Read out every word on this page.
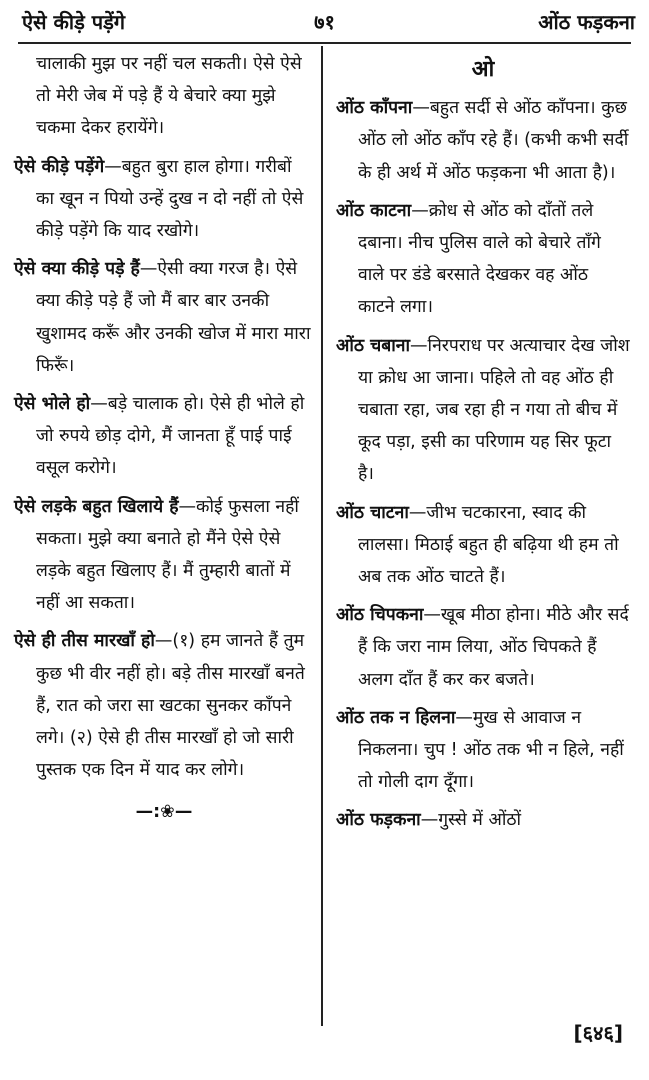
ऐसे कीड़े पड़ेंगे	७१	ओंठ फड़कना
चालाकी मुझ पर नहीं चल सकती। ऐसे ऐसे तो मेरी जेब में पड़े हैं ये बेचारे क्या मुझे चकमा देकर हरायेंगे।
ऐसे कीड़े पड़ेंगे—बहुत बुरा हाल होगा। गरीबों का खून न पियो उन्हें दुख न दो नहीं तो ऐसे कीड़े पड़ेंगे कि याद रखोगे।
ऐसे क्या कीड़े पड़े हैं—ऐसी क्या गरज है। ऐसे क्या कीड़े पड़े हैं जो मैं बार बार उनकी खुशामद करूँ और उनकी खोज में मारा मारा फिरूँ।
ऐसे भोले हो—बड़े चालाक हो। ऐसे ही भोले हो जो रुपये छोड़ दोगे, मैं जानता हूँ पाई पाई वसूल करोगे।
ऐसे लड़के बहुत खिलाये हैं—कोई फुसला नहीं सकता। मुझे क्या बनाते हो मैंने ऐसे ऐसे लड़के बहुत खिलाए हैं। मैं तुम्हारी बातों में नहीं आ सकता।
ऐसे ही तीस मारखाँ हो—(१) हम जानते हैं तुम कुछ भी वीर नहीं हो। बड़े तीस मारखाँ बनते हैं, रात को जरा सा खटका सुनकर काँपने लगे। (२) ऐसे ही तीस मारखाँ हो जो सारी पुस्तक एक दिन में याद कर लोगे।
—:❀—
ओ
ओंठ काँपना—बहुत सर्दी से ओंठ काँपना। कुछ ओंठ लो ओंठ काँप रहे हैं। (कभी कभी सर्दी के ही अर्थ में ओंठ फड़कना भी आता है)।
ओंठ काटना—क्रोध से ओंठ को दाँतों तले दबाना। नीच पुलिस वाले को बेचारे ताँगे वाले पर डंडे बरसाते देखकर वह ओंठ काटने लगा।
ओंठ चबाना—निरपराध पर अत्याचार देख जोश या क्रोध आ जाना। पहिले तो वह ओंठ ही चबाता रहा, जब रहा ही न गया तो बीच में कूद पड़ा, इसी का परिणाम यह सिर फूटा है।
ओंठ चाटना—जीभ चटकारना, स्वाद की लालसा। मिठाई बहुत ही बढ़िया थी हम तो अब तक ओंठ चाटते हैं।
ओंठ चिपकना—खूब मीठा होना। मीठे और सर्द हैं कि जरा नाम लिया, ओंठ चिपकते हैं अलग दाँत हैं कर कर बजते।
ओंठ तक न हिलना—मुख से आवाज न निकलना। चुप ! ओंठ तक भी न हिले, नहीं तो गोली दाग दूँगा।
ओंठ फड़कना—गुस्से में ओंठों
[६४६]
